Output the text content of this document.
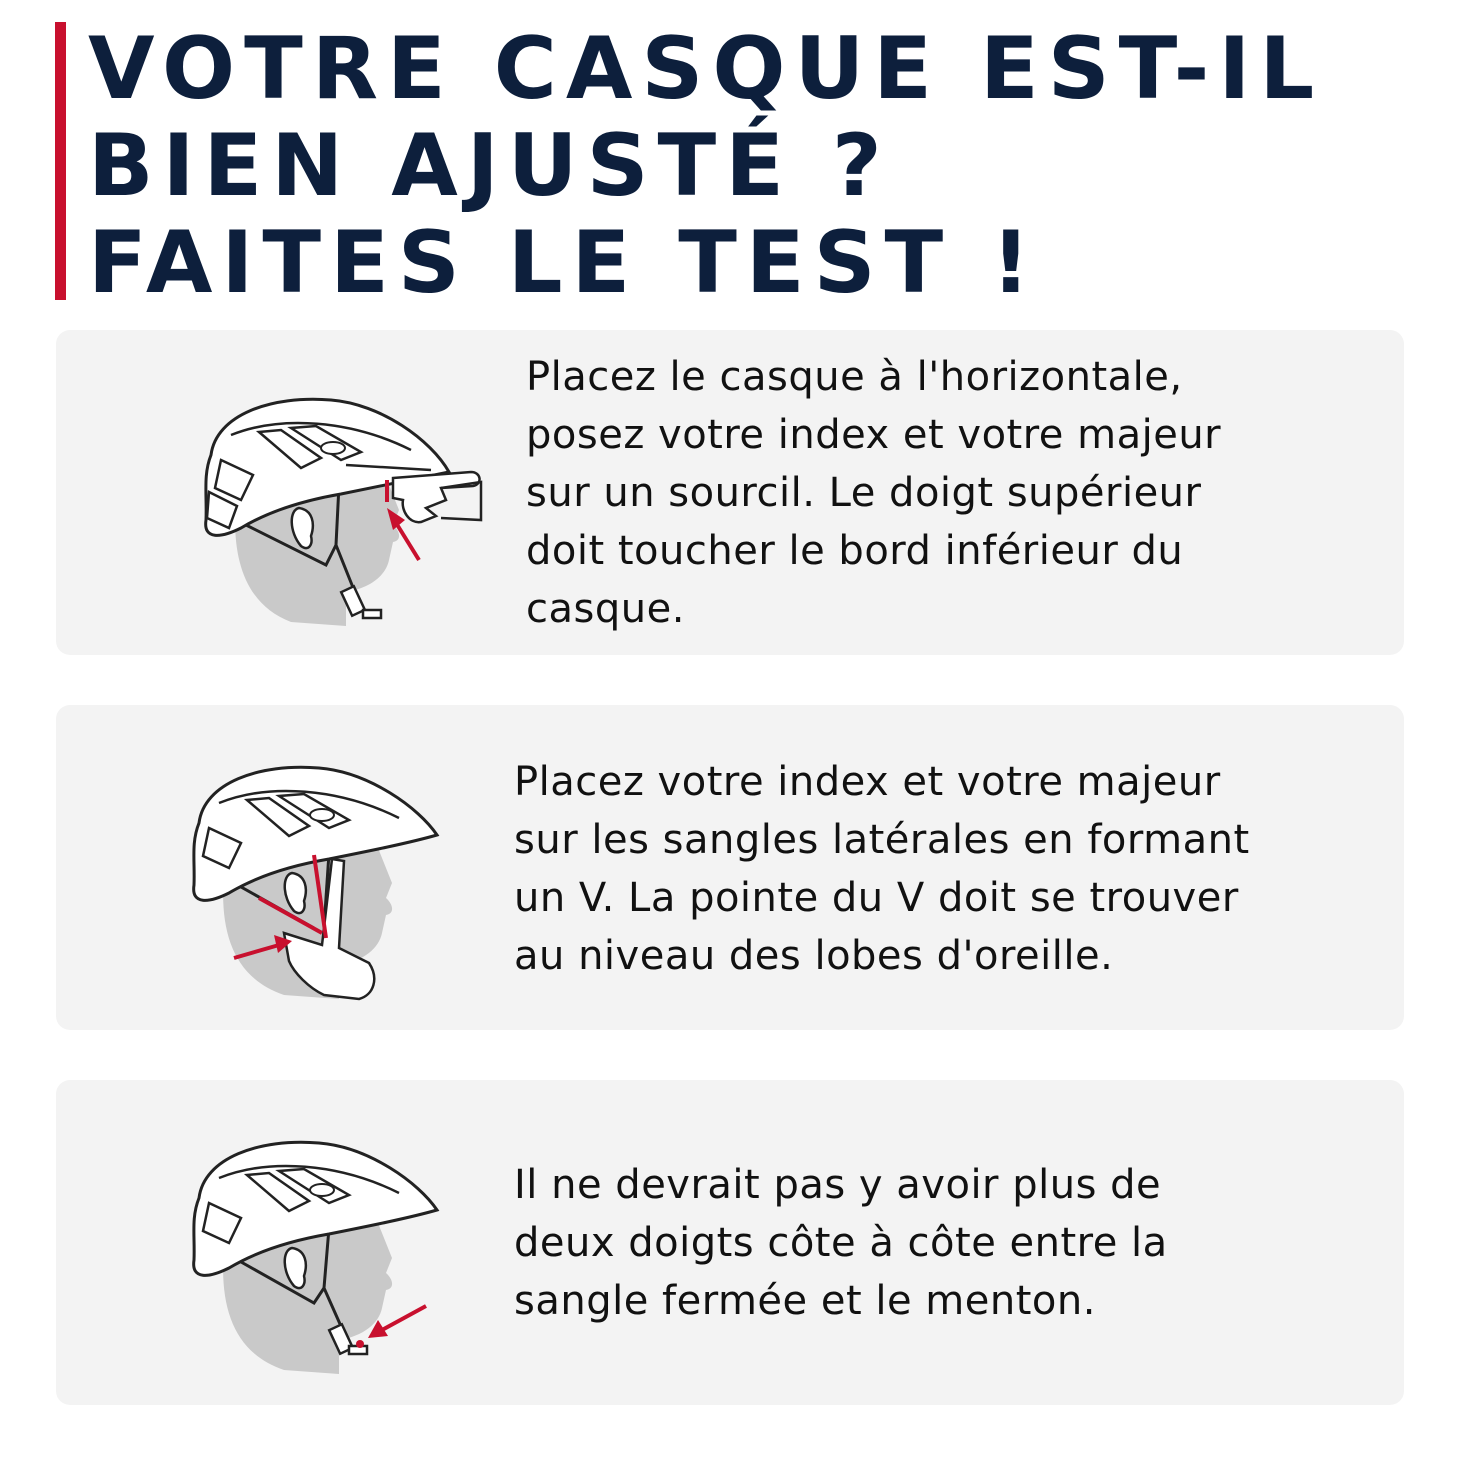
VOTRE CASQUE EST-IL
BIEN AJUSTÉ ?
FAITES LE TEST !
Placez le casque à l'horizontale,
posez votre index et votre majeur
sur un sourcil. Le doigt supérieur
doit toucher le bord inférieur du
casque.
Placez votre index et votre majeur
sur les sangles latérales en formant
un V. La pointe du V doit se trouver
au niveau des lobes d'oreille.
Il ne devrait pas y avoir plus de
deux doigts côte à côte entre la
sangle fermée et le menton.
